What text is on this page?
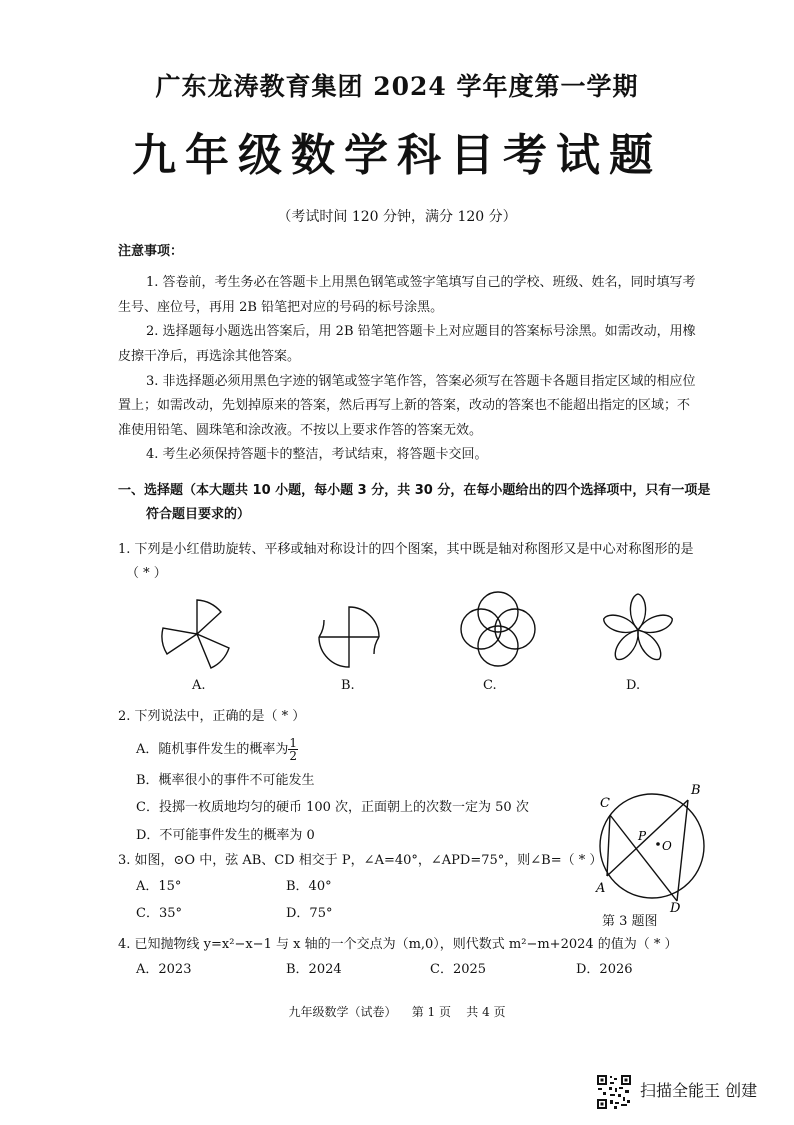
广东龙涛教育集团 2024 学年度第一学期
九年级数学科目考试题
（考试时间 120 分钟，满分 120 分）
注意事项：
1. 答卷前，考生务必在答题卡上用黑色钢笔或签字笔填写自己的学校、班级、姓名，同时填写考
生号、座位号，再用 2B 铅笔把对应的号码的标号涂黑。
2. 选择题每小题选出答案后，用 2B 铅笔把答题卡上对应题目的答案标号涂黑。如需改动，用橡
皮擦干净后，再选涂其他答案。
3. 非选择题必须用黑色字迹的钢笔或签字笔作答，答案必须写在答题卡各题目指定区域的相应位
置上；如需改动，先划掉原来的答案，然后再写上新的答案，改动的答案也不能超出指定的区域；不
准使用铅笔、圆珠笔和涂改液。不按以上要求作答的答案无效。
4. 考生必须保持答题卡的整洁，考试结束，将答题卡交回。
一、选择题（本大题共 10 小题，每小题 3 分，共 30 分，在每小题给出的四个选择项中，只有一项是
符合题目要求的）
1. 下列是小红借助旋转、平移或轴对称设计的四个图案，其中既是轴对称图形又是中心对称图形的是
（ * ）
A.	B.	C.	D.
2. 下列说法中，正确的是（ * ）
A．随机事件发生的概率为 $\frac{1}{2}$
B．概率很小的事件不可能发生
C．投掷一枚质地均匀的硬币 100 次，正面朝上的次数一定为 50 次
D．不可能事件发生的概率为 0
3. 如图，⊙O 中，弦 AB、CD 相交于 P，∠A=40°，∠APD=75°，则∠B=（ * ）
A．15°	B．40°
C．35°	D．75°
C
B
P
O
A
D
第 3 题图
4. 已知抛物线 y=x²−x−1 与 x 轴的一个交点为（m,0），则代数式 m²−m+2024 的值为（ * ）
A．2023	B．2024	C．2025	D．2026
九年级数学（试卷）    第 1 页    共 4 页
扫描全能王 创建
